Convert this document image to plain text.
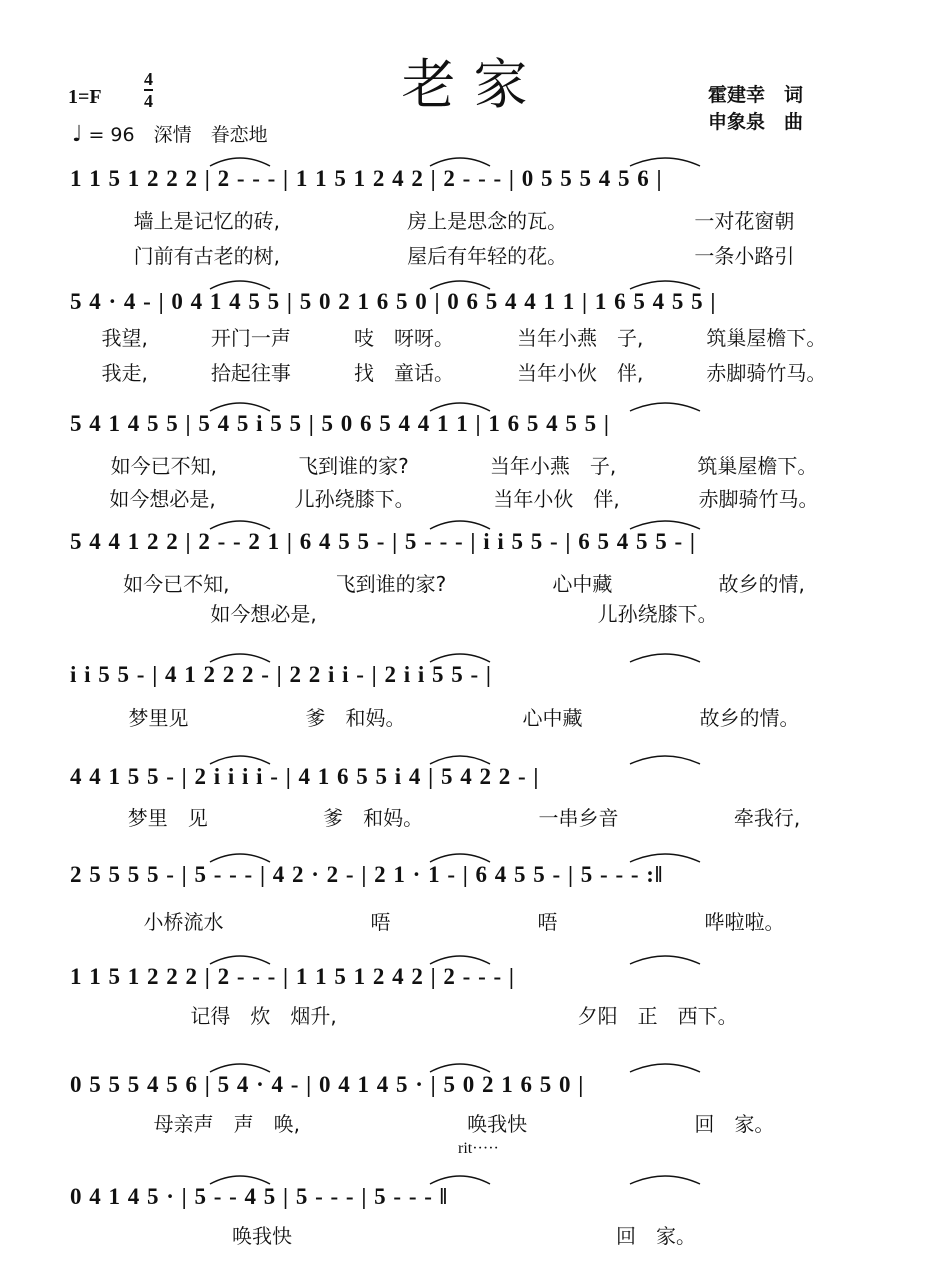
老家	霍建幸　词
申象泉　曲
1=F
4
4
♩ = 96　深情　眷恋地
1 1 5 1 2 2 2 | 2 - - - | 1 1 5 1 2 4 2 | 2 - - - | 0 5 5 5 4 5 6 |
墙上是记忆的砖,	房上是思念的瓦。	一对花窗朝
门前有古老的树,	屋后有年轻的花。	一条小路引
5 4 · 4 - | 0 4 1 4 5 5 | 5 0 2 1 6 5 0 | 0 6 5 4 4 1 1 | 1 6 5 4 5 5 |
我望,	开门一声	吱　呀呀。	当年小燕　子,	筑巢屋檐下。
我走,	拾起往事	找　童话。	当年小伙　伴,	赤脚骑竹马。
5 4 1 4 5 5 | 5 4 5 i 5 5 | 5 0 6 5 4 4 1 1 | 1 6 5 4 5 5 |
如今已不知,	飞到谁的家?	当年小燕　子,	筑巢屋檐下。
如今想必是,	儿孙绕膝下。	当年小伙　伴,	赤脚骑竹马。
5 4 4 1 2 2 | 2 - - 2 1 | 6 4 5 5 - | 5 - - - | i i 5 5 - | 6 5 4 5 5 - |
如今已不知,	飞到谁的家?	心中藏	故乡的情,
如今想必是,	儿孙绕膝下。
i i 5 5 - | 4 1 2 2 2 - | 2 2 i i - | 2 i i 5 5 - |
梦里见	爹　和妈。	心中藏	故乡的情。
4 4 1 5 5 - | 2 i i i i - | 4 1 6 5 5 i 4 | 5 4 2 2 - |
梦里　见	爹　和妈。	一串乡音	牵我行,
2 5 5 5 5 - | 5 - - - | 4 2 · 2 - | 2 1 · 1 - | 6 4 5 5 - | 5 - - - :‖
小桥流水	唔	唔	哗啦啦。
1 1 5 1 2 2 2 | 2 - - - | 1 1 5 1 2 4 2 | 2 - - - |
记得　炊　烟升,	夕阳　正　西下。
0 5 5 5 4 5 6 | 5 4 · 4 - | 0 4 1 4 5 · | 5 0 2 1 6 5 0 |
母亲声　声　唤,	唤我快	回　家。
0 4 1 4 5 · | 5 - - 4 5 | 5 - - - | 5 - - - ‖
唤我快	回　家。
rit·····
